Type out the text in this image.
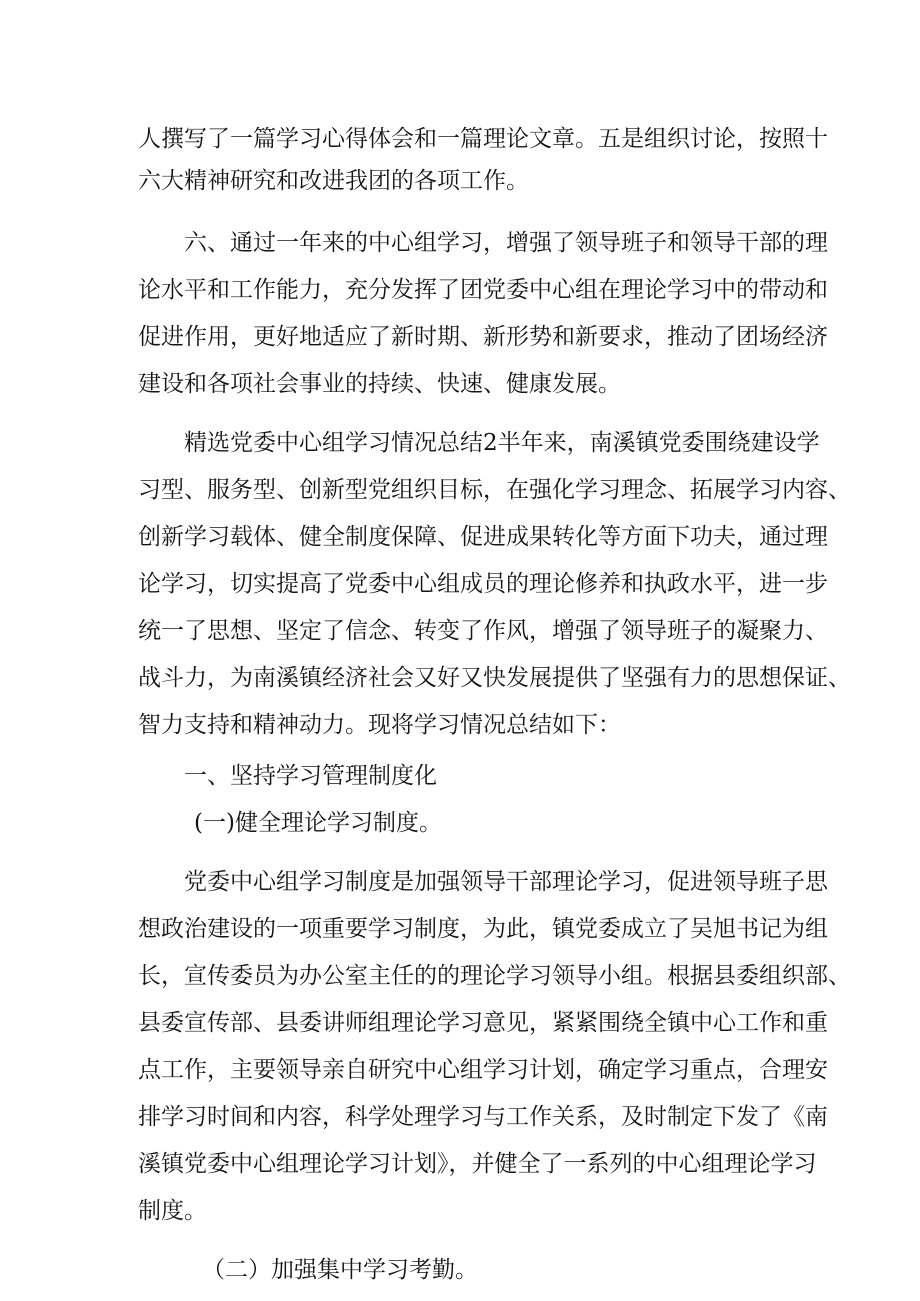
人撰写了一篇学习心得体会和一篇理论文章。五是组织讨论，按照十
六大精神研究和改进我团的各项工作。
六、通过一年来的中心组学习，增强了领导班子和领导干部的理
论水平和工作能力，充分发挥了团党委中心组在理论学习中的带动和
促进作用，更好地适应了新时期、新形势和新要求，推动了团场经济
建设和各项社会事业的持续、快速、健康发展。
精选党委中心组学习情况总结2半年来，南溪镇党委围绕建设学
习型、服务型、创新型党组织目标，在强化学习理念、拓展学习内容、
创新学习载体、健全制度保障、促进成果转化等方面下功夫，通过理
论学习，切实提高了党委中心组成员的理论修养和执政水平，进一步
统一了思想、坚定了信念、转变了作风，增强了领导班子的凝聚力、
战斗力，为南溪镇经济社会又好又快发展提供了坚强有力的思想保证、
智力支持和精神动力。现将学习情况总结如下：
一、坚持学习管理制度化
(一)健全理论学习制度。
党委中心组学习制度是加强领导干部理论学习，促进领导班子思
想政治建设的一项重要学习制度，为此，镇党委成立了吴旭书记为组
长，宣传委员为办公室主任的的理论学习领导小组。根据县委组织部、
县委宣传部、县委讲师组理论学习意见，紧紧围绕全镇中心工作和重
点工作，主要领导亲自研究中心组学习计划，确定学习重点，合理安
排学习时间和内容，科学处理学习与工作关系，及时制定下发了《南
溪镇党委中心组理论学习计划》，并健全了一系列的中心组理论学习
制度。
（二）加强集中学习考勤。
